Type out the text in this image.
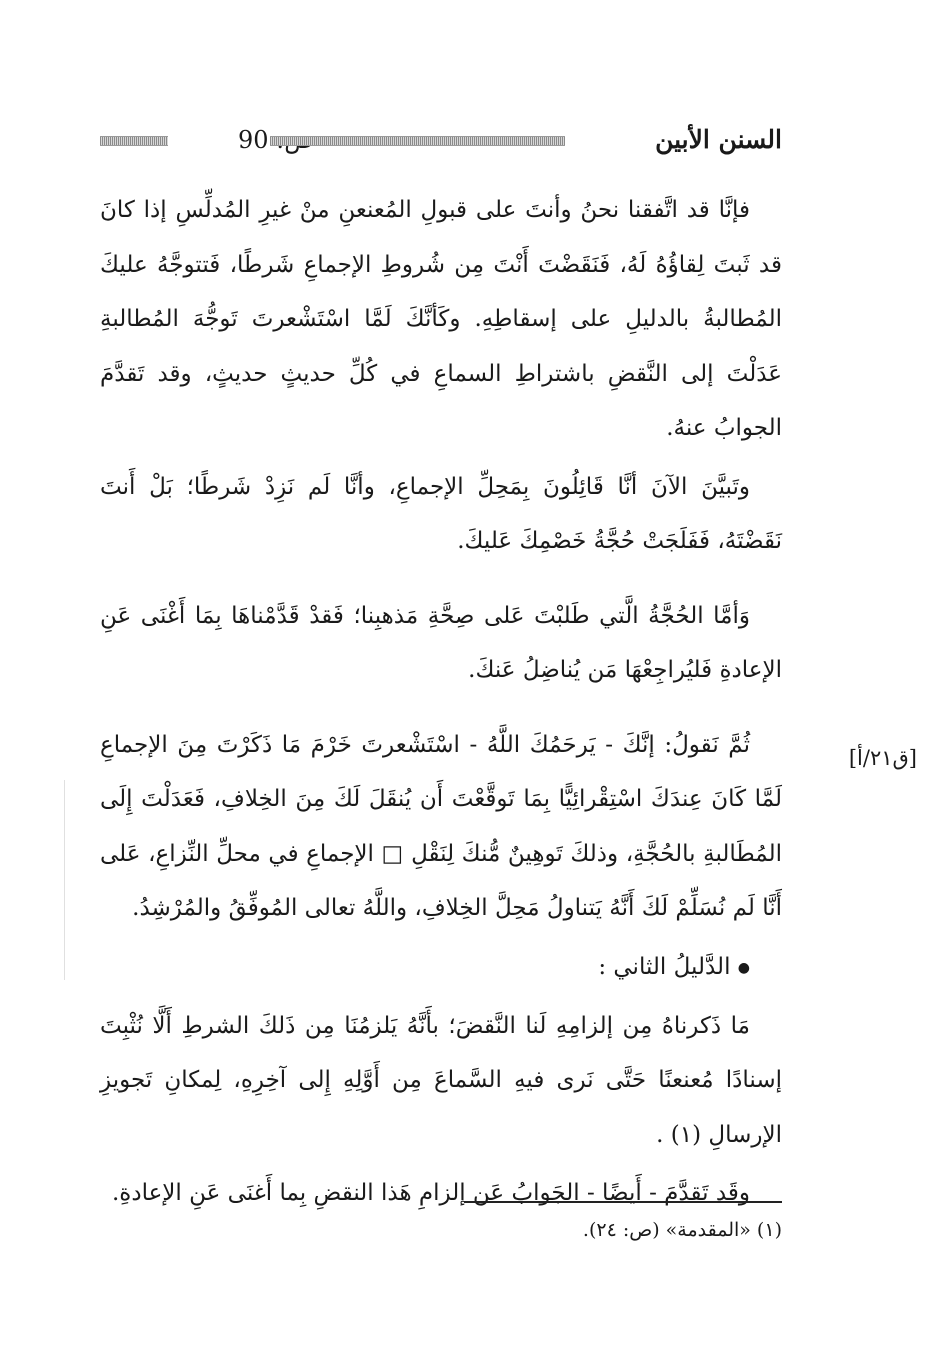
السنن الأبين
90

فإنَّا قد اتَّفقنا نحنُ وأنتَ على قبولِ المُعنعنِ منْ غيرِ المُدلِّسِ إذا كانَ قد ثَبتَ لِقاؤُهُ لَهُ، فَنَقَضْتَ أَنْتَ مِن شُروطِ الإجماعِ شَرطًا، فَتتوجَّهُ عليكَ المُطالبةُ بالدليلِ على إسقاطِهِ. وكَأنَّكَ لَمَّا اسْتَشْعرتَ تَوجُّهَ المُطالبةِ عَدَلْتَ إلى النَّقضِ باشتراطِ السماعِ في كُلِّ حديثٍ حديثٍ، وقد تَقدَّمَ الجوابُ عنهُ.

وتَبيَّنَ الآنَ أنَّا قَائِلُونَ بِمَحِلِّ الإجماعِ، وأنَّا لَم نَزِدْ شَرطًا؛ بَلْ أَنتَ نَقَضْتَهُ، فَفَلَجَتْ حُجَّةُ خَصْمِكَ عَليكَ.

وَأمَّا الحُجَّةُ الَّتي طَلبْتَ عَلى صِحَّةِ مَذهبِنا؛ فَقدْ قَدَّمْناهَا بِمَا أَغْنَى عَنِ الإعادةِ فَليُراجِعْهَا مَن يُناضِلُ عَنكَ.

ثُمَّ نَقولُ: إنَّكَ - يَرحَمُكَ اللَّهُ - اسْتَشْعرتَ خَرْمَ مَا ذَكَرْتَ مِنَ الإجماعِ لَمَّا كَانَ عِندَكَ اسْتِقْرائِيًّا بِمَا تَوقَّعْتَ أَن يُنقَلَ لَكَ مِنَ الخِلافِ، فَعَدَلْتَ إِلَى المُطَالبةِ بالحُجَّةِ، وذلكَ تَوهِينٌ مُّنكَ لِنَقْلِ □ الإجماعِ في محلِّ النِّزاعِ، عَلى أَنَّا لَم نُسَلِّمْ لَكَ أَنَّهُ يَتناولُ مَحِلَّ الخِلافِ، واللَّهُ تعالى المُوفِّقُ والمُرْشِدُ.

● الدَّليلُ الثاني :

مَا ذَكرناهُ مِن إلزامِهِ لَنا النَّقضَ؛ بأَنَّهُ يَلزمُنَا مِن ذَلكَ الشرطِ أَلَّا نُثْبِتَ إسنادًا مُعنعنًا حَتَّى نَرى فيهِ السَّماعَ مِن أَوَّلِهِ إِلى آخِرِهِ، لِمكانِ تَجويزِ الإرسالِ (١) .

وقَد تَقدَّمَ - أَيضًا - الجَوابُ عَن إلزامِ هَذا النقضِ بِما أَغنَى عَنِ الإعادةِ.

[ق٢١/أ]
(١) «المقدمة» (ص: ٢٤).
